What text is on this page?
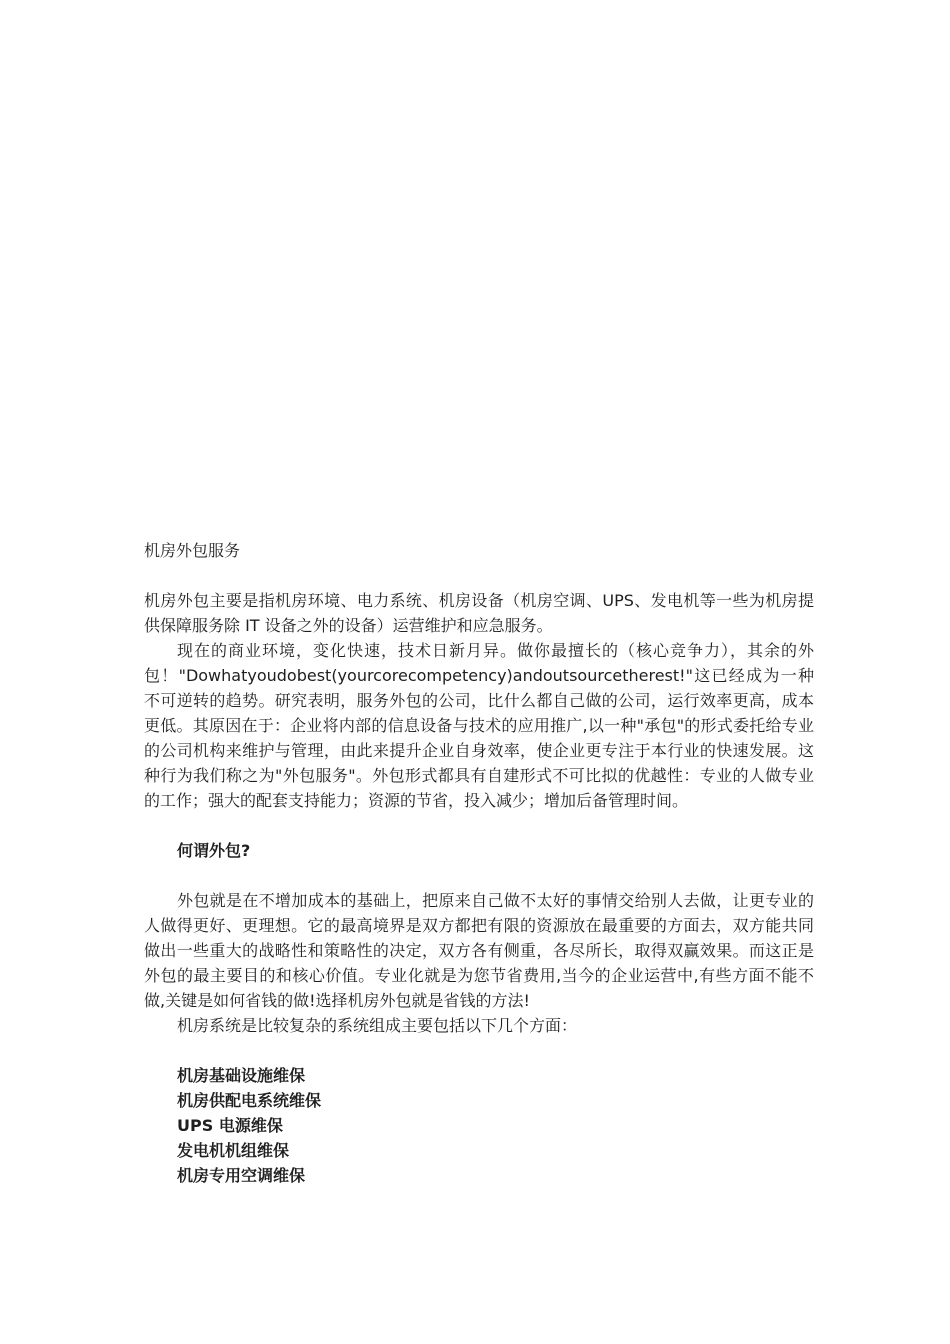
机房外包服务

机房外包主要是指机房环境、电力系统、机房设备（机房空调、UPS、发电机等一些为机房提供保障服务除 IT 设备之外的设备）运营维护和应急服务。

现在的商业环境，变化快速，技术日新月异。做你最擅长的（核心竞争力），其余的外包！"Dowhatyoudobest(yourcorecompetency)andoutsourcetherest!"这已经成为一种不可逆转的趋势。研究表明，服务外包的公司，比什么都自己做的公司，运行效率更高，成本更低。其原因在于：企业将内部的信息设备与技术的应用推广,以一种"承包"的形式委托给专业的公司机构来维护与管理，由此来提升企业自身效率，使企业更专注于本行业的快速发展。这种行为我们称之为"外包服务"。外包形式都具有自建形式不可比拟的优越性：专业的人做专业的工作；强大的配套支持能力；资源的节省，投入减少；增加后备管理时间。

何谓外包?

外包就是在不增加成本的基础上，把原来自己做不太好的事情交给别人去做，让更专业的人做得更好、更理想。它的最高境界是双方都把有限的资源放在最重要的方面去，双方能共同做出一些重大的战略性和策略性的决定，双方各有侧重，各尽所长，取得双赢效果。而这正是外包的最主要目的和核心价值。专业化就是为您节省费用,当今的企业运营中,有些方面不能不做,关键是如何省钱的做!选择机房外包就是省钱的方法!

机房系统是比较复杂的系统组成主要包括以下几个方面：

机房基础设施维保
机房供配电系统维保
UPS 电源维保
发电机机组维保
机房专用空调维保
